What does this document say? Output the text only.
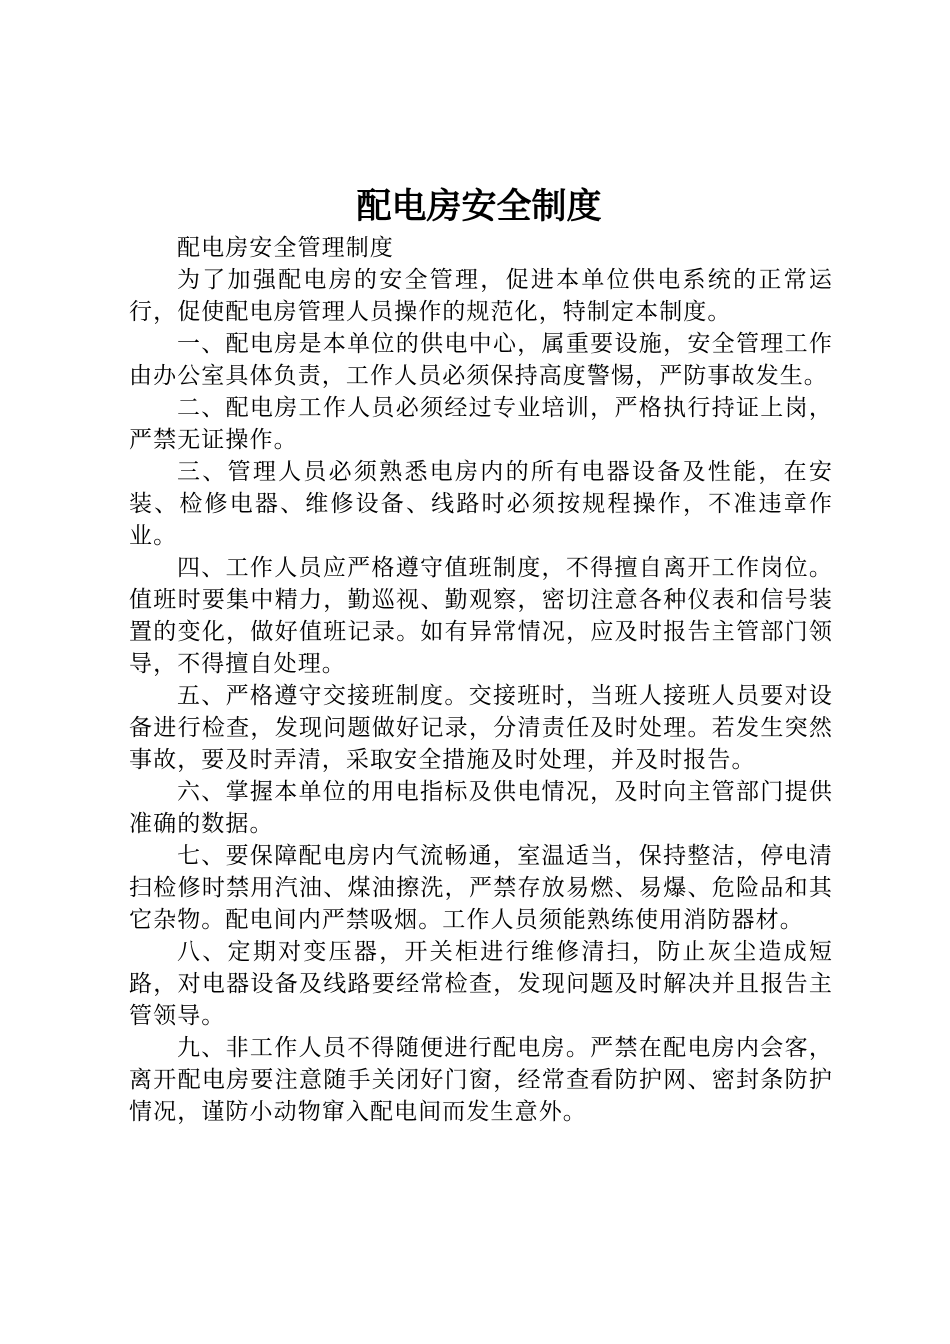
配电房安全制度

配电房安全管理制度

为了加强配电房的安全管理，促进本单位供电系统的正常运行，促使配电房管理人员操作的规范化，特制定本制度。

一、配电房是本单位的供电中心，属重要设施，安全管理工作由办公室具体负责，工作人员必须保持高度警惕，严防事故发生。

二、配电房工作人员必须经过专业培训，严格执行持证上岗，严禁无证操作。

三、管理人员必须熟悉电房内的所有电器设备及性能，在安装、检修电器、维修设备、线路时必须按规程操作，不准违章作业。

四、工作人员应严格遵守值班制度，不得擅自离开工作岗位。值班时要集中精力，勤巡视、勤观察，密切注意各种仪表和信号装置的变化，做好值班记录。如有异常情况，应及时报告主管部门领导，不得擅自处理。

五、严格遵守交接班制度。交接班时，当班人接班人员要对设备进行检查，发现问题做好记录，分清责任及时处理。若发生突然事故，要及时弄清，采取安全措施及时处理，并及时报告。

六、掌握本单位的用电指标及供电情况，及时向主管部门提供准确的数据。

七、要保障配电房内气流畅通，室温适当，保持整洁，停电清扫检修时禁用汽油、煤油擦洗，严禁存放易燃、易爆、危险品和其它杂物。配电间内严禁吸烟。工作人员须能熟练使用消防器材。

八、定期对变压器，开关柜进行维修清扫，防止灰尘造成短路，对电器设备及线路要经常检查，发现问题及时解决并且报告主管领导。

九、非工作人员不得随便进行配电房。严禁在配电房内会客，离开配电房要注意随手关闭好门窗，经常查看防护网、密封条防护情况，谨防小动物窜入配电间而发生意外。
